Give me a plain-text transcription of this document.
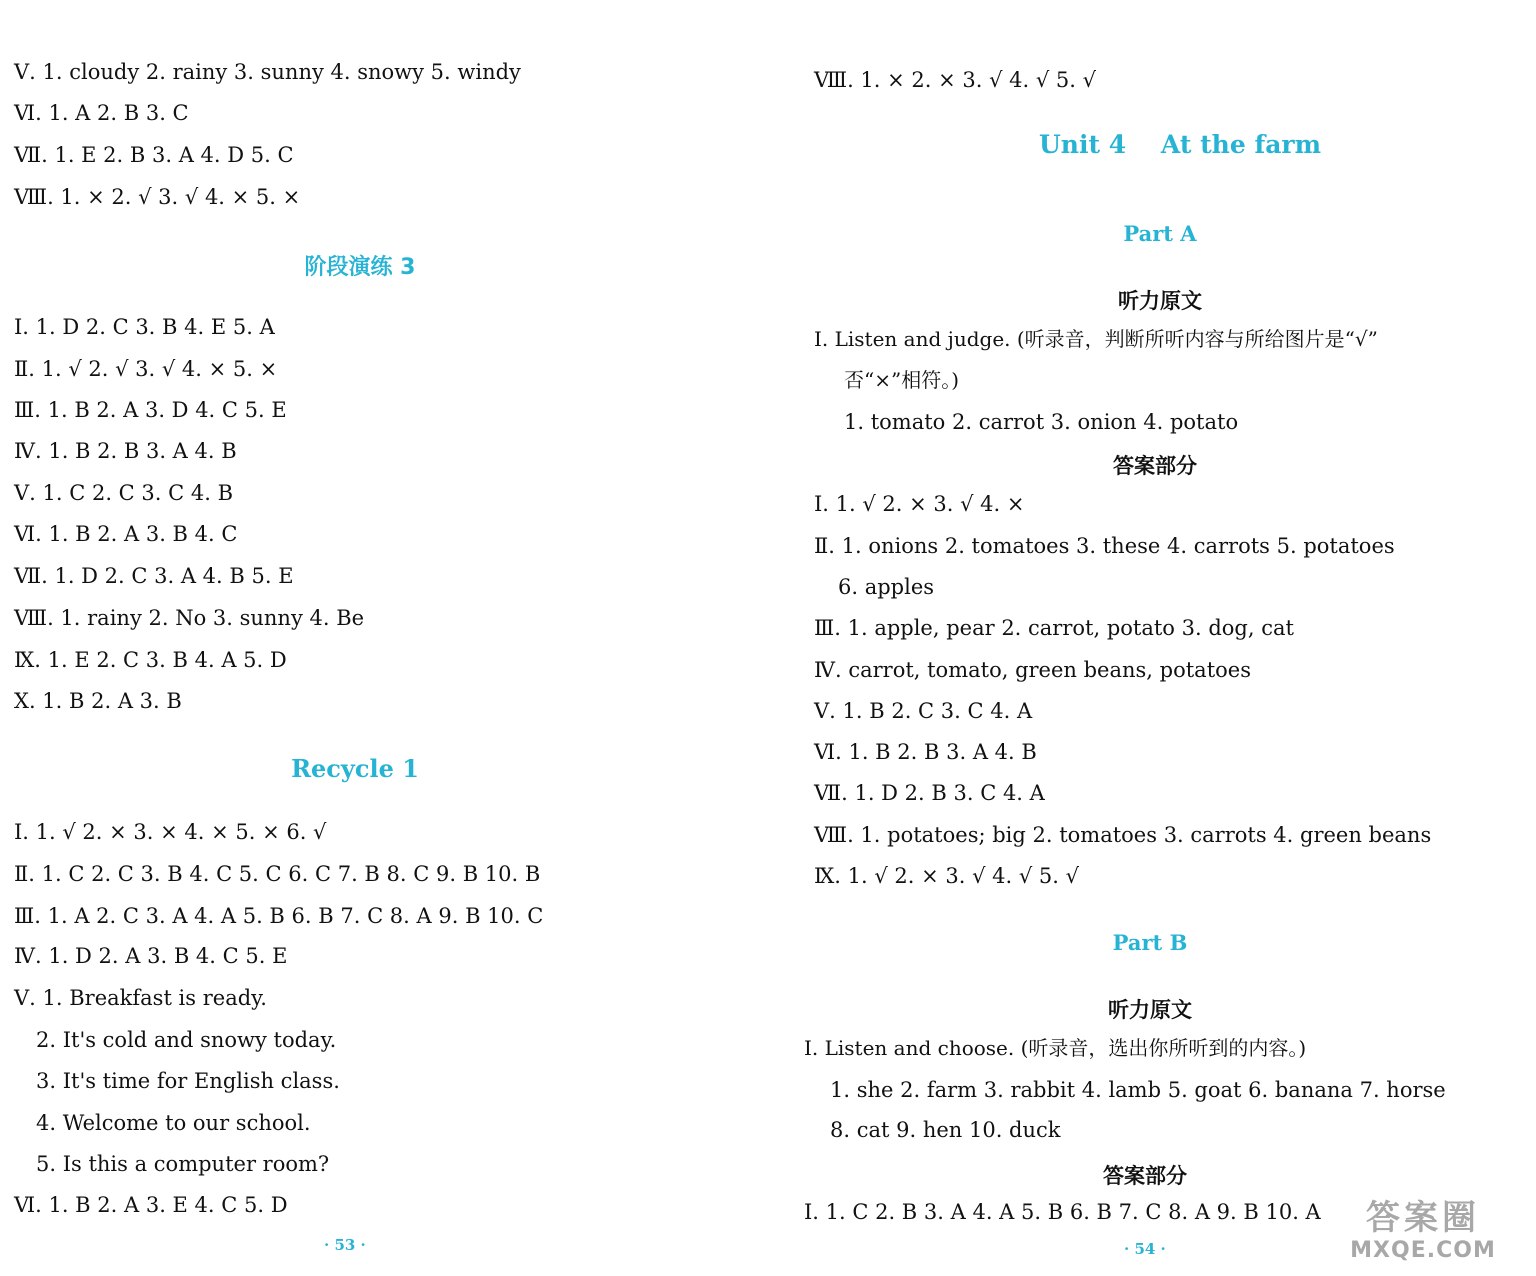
Ⅴ. 1. cloudy 2. rainy 3. sunny 4. snowy 5. windy
Ⅵ. 1. A 2. B 3. C
Ⅶ. 1. E 2. B 3. A 4. D 5. C
Ⅷ. 1. × 2. √ 3. √ 4. × 5. ×
阶段演练 3
Ⅰ. 1. D 2. C 3. B 4. E 5. A
Ⅱ. 1. √ 2. √ 3. √ 4. × 5. ×
Ⅲ. 1. B 2. A 3. D 4. C 5. E
Ⅳ. 1. B 2. B 3. A 4. B
Ⅴ. 1. C 2. C 3. C 4. B
Ⅵ. 1. B 2. A 3. B 4. C
Ⅶ. 1. D 2. C 3. A 4. B 5. E
Ⅷ. 1. rainy 2. No 3. sunny 4. Be
Ⅸ. 1. E 2. C 3. B 4. A 5. D
Ⅹ. 1. B 2. A 3. B
Recycle 1
Ⅰ. 1. √ 2. × 3. × 4. × 5. × 6. √
Ⅱ. 1. C 2. C 3. B 4. C 5. C 6. C 7. B 8. C 9. B 10. B
Ⅲ. 1. A 2. C 3. A 4. A 5. B 6. B 7. C 8. A 9. B 10. C
Ⅳ. 1. D 2. A 3. B 4. C 5. E
Ⅴ. 1. Breakfast is ready.
2. It's cold and snowy today.
3. It's time for English class.
4. Welcome to our school.
5. Is this a computer room?
Ⅵ. 1. B 2. A 3. E 4. C 5. D
· 53 ·
Ⅷ. 1. × 2. × 3. √ 4. √ 5. √
Unit 4    At the farm
Part A
听力原文
Ⅰ. Listen and judge. (听录音，判断所听内容与所给图片是“√”
否“×”相符。)
1. tomato 2. carrot 3. onion 4. potato
答案部分
Ⅰ. 1. √ 2. × 3. √ 4. ×
Ⅱ. 1. onions 2. tomatoes 3. these 4. carrots 5. potatoes
6. apples
Ⅲ. 1. apple, pear 2. carrot, potato 3. dog, cat
Ⅳ. carrot, tomato, green beans, potatoes
Ⅴ. 1. B 2. C 3. C 4. A
Ⅵ. 1. B 2. B 3. A 4. B
Ⅶ. 1. D 2. B 3. C 4. A
Ⅷ. 1. potatoes; big 2. tomatoes 3. carrots 4. green beans
Ⅸ. 1. √ 2. × 3. √ 4. √ 5. √
Part B
听力原文
Ⅰ. Listen and choose. (听录音，选出你所听到的内容。)
1. she 2. farm 3. rabbit 4. lamb 5. goat 6. banana 7. horse
8. cat 9. hen 10. duck
答案部分
Ⅰ. 1. C 2. B 3. A 4. A 5. B 6. B 7. C 8. A 9. B 10. A
· 54 ·
答案圈
MXQE.COM
